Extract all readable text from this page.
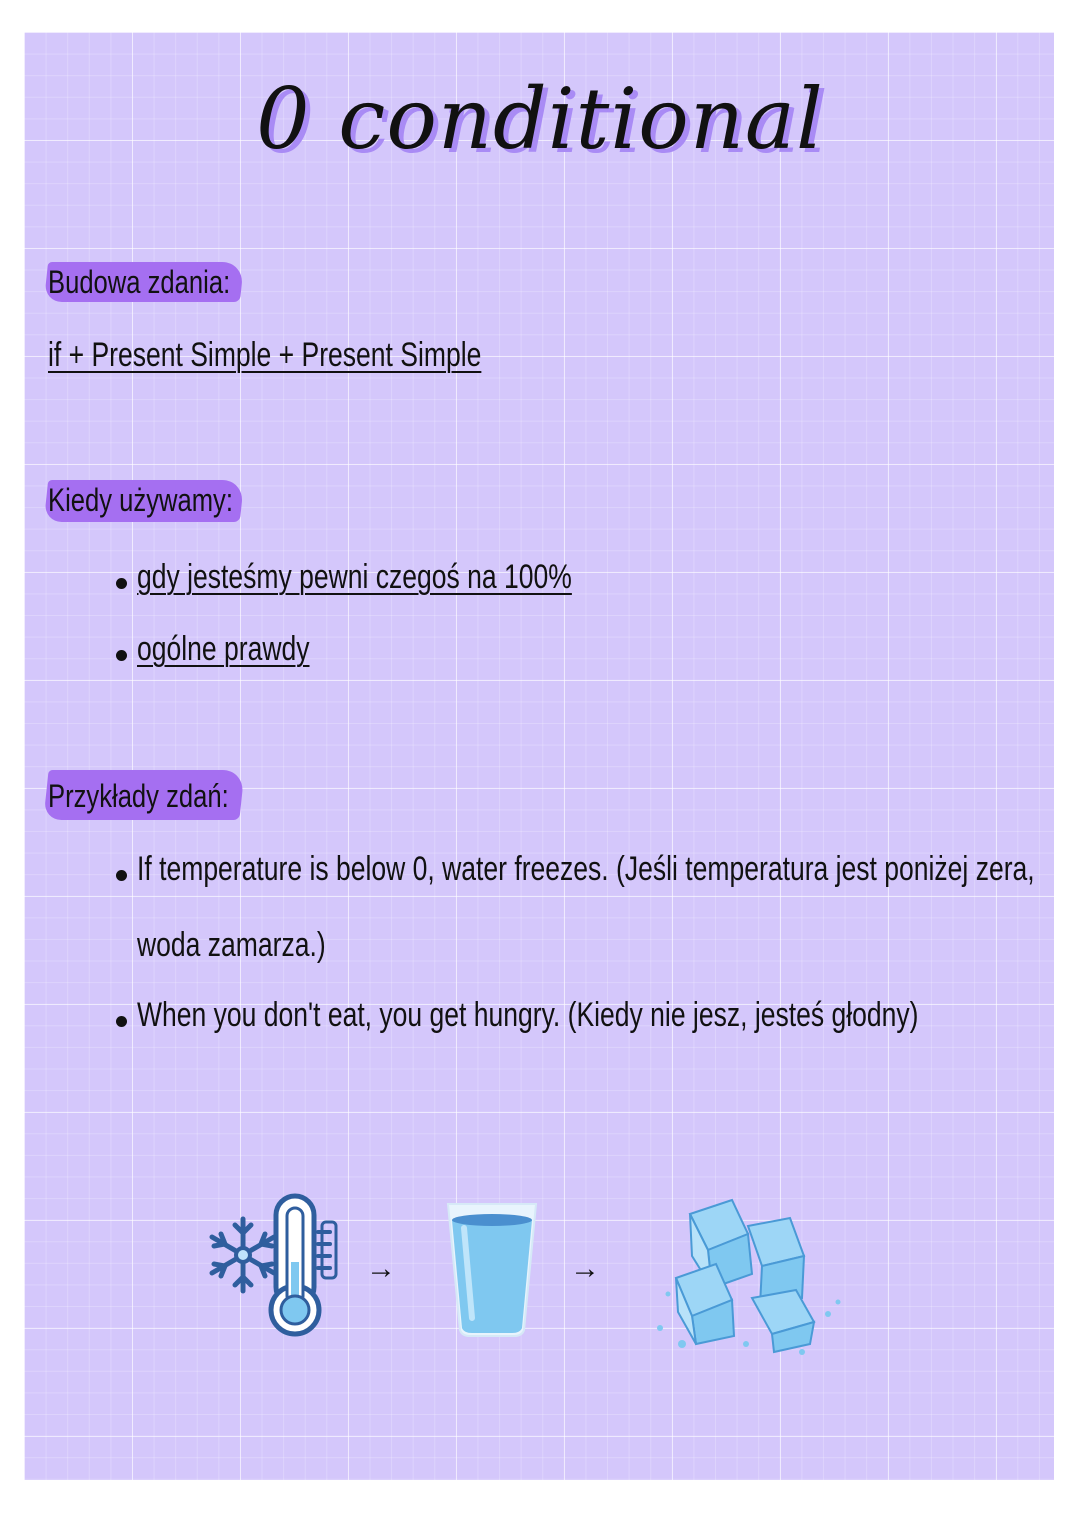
0 conditional
Budowa zdania:
if + Present Simple + Present Simple
Kiedy używamy:
gdy jesteśmy pewni czegoś na 100%
ogólne prawdy
Przykłady zdań:
If temperature is below 0, water freezes. (Jeśli temperatura jest poniżej zera,
woda zamarza.)
When you don't eat, you get hungry. (Kiedy nie jesz, jesteś głodny)
→	→
